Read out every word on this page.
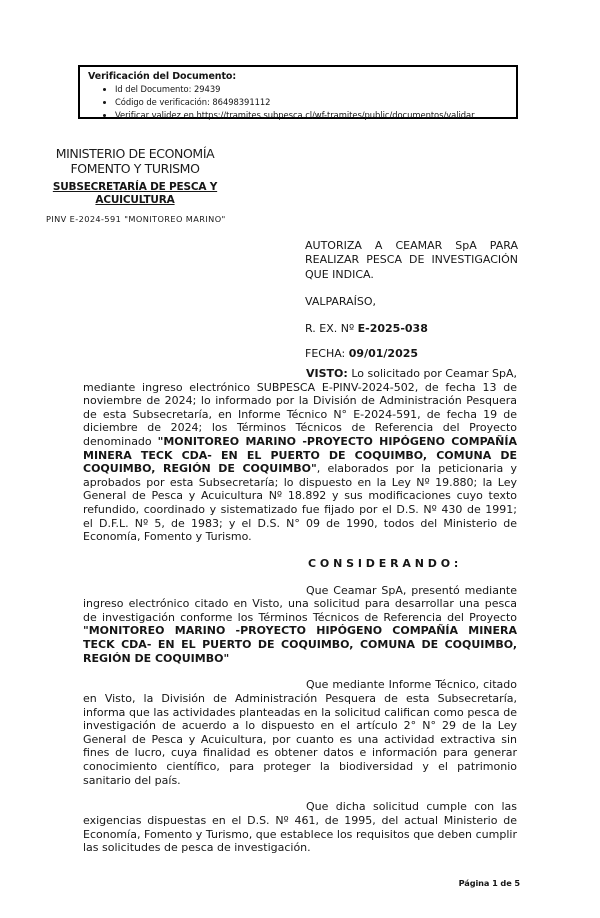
Verificación del Documento:
• Id del Documento: 29439
• Código de verificación: 86498391112
• Verificar validez en https://tramites.subpesca.cl/wf-tramites/public/documentos/validar
MINISTERIO DE ECONOMÍA
FOMENTO Y TURISMO
SUBSECRETARÍA DE PESCA Y
ACUICULTURA
PINV E-2024-591 "MONITOREO MARINO"

AUTORIZA A CEAMAR SpA PARA REALIZAR PESCA DE INVESTIGACIÓN QUE INDICA.

VALPARAÍSO,

R. EX. Nº E-2025-038

FECHA: 09/01/2025

VISTO: Lo solicitado por Ceamar SpA, mediante ingreso electrónico SUBPESCA E-PINV-2024-502, de fecha 13 de noviembre de 2024; lo informado por la División de Administración Pesquera de esta Subsecretaría, en Informe Técnico N° E-2024-591, de fecha 19 de diciembre de 2024; los Términos Técnicos de Referencia del Proyecto denominado "MONITOREO MARINO -PROYECTO HIPÓGENO COMPAÑÍA MINERA TECK CDA- EN EL PUERTO DE COQUIMBO, COMUNA DE COQUIMBO, REGIÓN DE COQUIMBO", elaborados por la peticionaria y aprobados por esta Subsecretaría; lo dispuesto en la Ley Nº 19.880; la Ley General de Pesca y Acuicultura Nº 18.892 y sus modificaciones cuyo texto refundido, coordinado y sistematizado fue fijado por el D.S. Nº 430 de 1991; el D.F.L. Nº 5, de 1983; y el D.S. N° 09 de 1990, todos del Ministerio de Economía, Fomento y Turismo.

C O N S I D E R A N D O :

Que Ceamar SpA, presentó mediante ingreso electrónico citado en Visto, una solicitud para desarrollar una pesca de investigación conforme los Términos Técnicos de Referencia del Proyecto "MONITOREO MARINO -PROYECTO HIPÓGENO COMPAÑÍA MINERA TECK CDA- EN EL PUERTO DE COQUIMBO, COMUNA DE COQUIMBO, REGIÓN DE COQUIMBO"

Que mediante Informe Técnico, citado en Visto, la División de Administración Pesquera de esta Subsecretaría, informa que las actividades planteadas en la solicitud califican como pesca de investigación de acuerdo a lo dispuesto en el artículo 2° N° 29 de la Ley General de Pesca y Acuicultura, por cuanto es una actividad extractiva sin fines de lucro, cuya finalidad es obtener datos e información para generar conocimiento científico, para proteger la biodiversidad y el patrimonio sanitario del país.

Que dicha solicitud cumple con las exigencias dispuestas en el D.S. Nº 461, de 1995, del actual Ministerio de Economía, Fomento y Turismo, que establece los requisitos que deben cumplir las solicitudes de pesca de investigación.

Página 1 de 5
